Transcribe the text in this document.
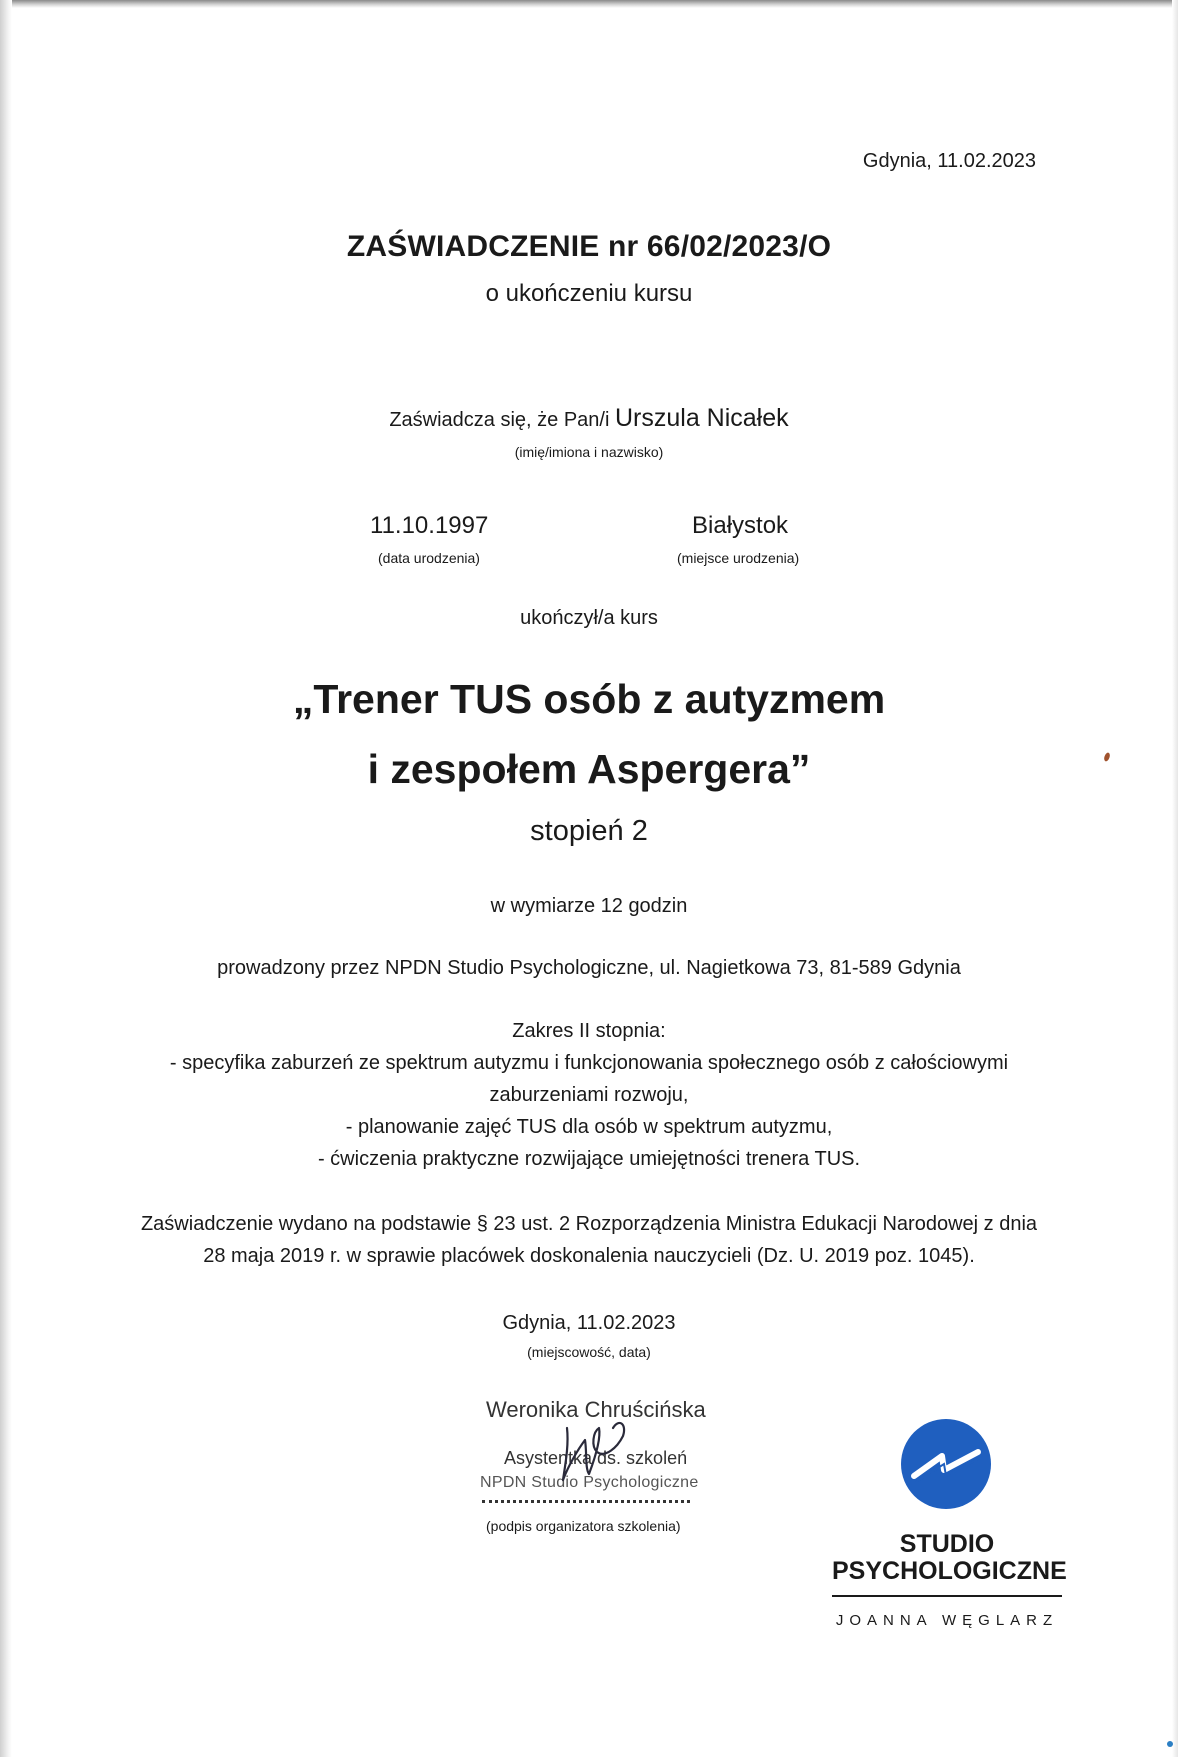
Gdynia, 11.02.2023
ZAŚWIADCZENIE nr 66/02/2023/O
o ukończeniu kursu
Zaświadcza się, że Pan/i Urszula Nicałek
(imię/imiona i nazwisko)
11.10.1997
(data urodzenia)
Białystok
(miejsce urodzenia)
ukończył/a kurs
„Trener TUS osób z autyzmem
i zespołem Aspergera”
stopień 2
w wymiarze 12 godzin
prowadzony przez NPDN Studio Psychologiczne, ul. Nagietkowa 73, 81-589 Gdynia
Zakres II stopnia:
- specyfika zaburzeń ze spektrum autyzmu i funkcjonowania społecznego osób z całościowymi
zaburzeniami rozwoju,
- planowanie zajęć TUS dla osób w spektrum autyzmu,
- ćwiczenia praktyczne rozwijające umiejętności trenera TUS.
Zaświadczenie wydano na podstawie § 23 ust. 2 Rozporządzenia Ministra Edukacji Narodowej z dnia
28 maja 2019 r. w sprawie placówek doskonalenia nauczycieli (Dz. U. 2019 poz. 1045).
Gdynia, 11.02.2023
(miejscowość, data)
Weronika Chruścińska
Asystentka ds. szkoleń
NPDN Studio Psychologiczne
(podpis organizatora szkolenia)
STUDIO
PSYCHOLOGICZNE
JOANNA WĘGLARZ
